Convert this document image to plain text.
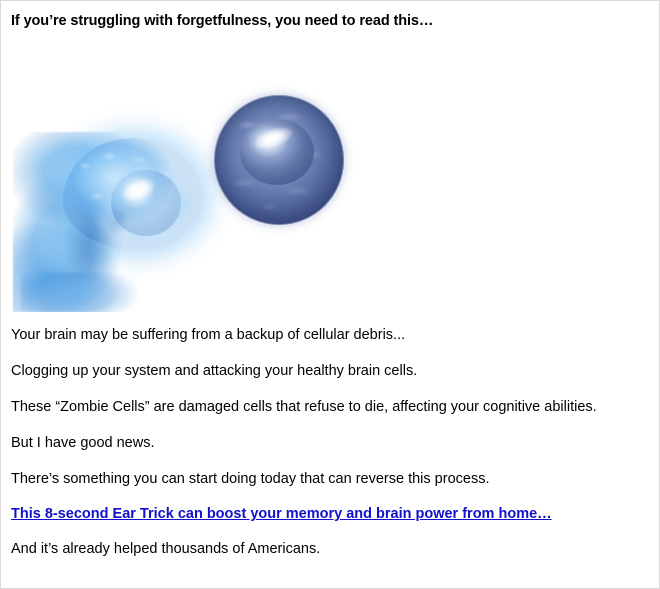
If you’re struggling with forgetfulness, you need to read this…

Your brain may be suffering from a backup of cellular debris...

Clogging up your system and attacking your healthy brain cells.

These “Zombie Cells” are damaged cells that refuse to die, affecting your cognitive abilities.

But I have good news.

There’s something you can start doing today that can reverse this process.

This 8-second Ear Trick can boost your memory and brain power from home…

And it’s already helped thousands of Americans.
